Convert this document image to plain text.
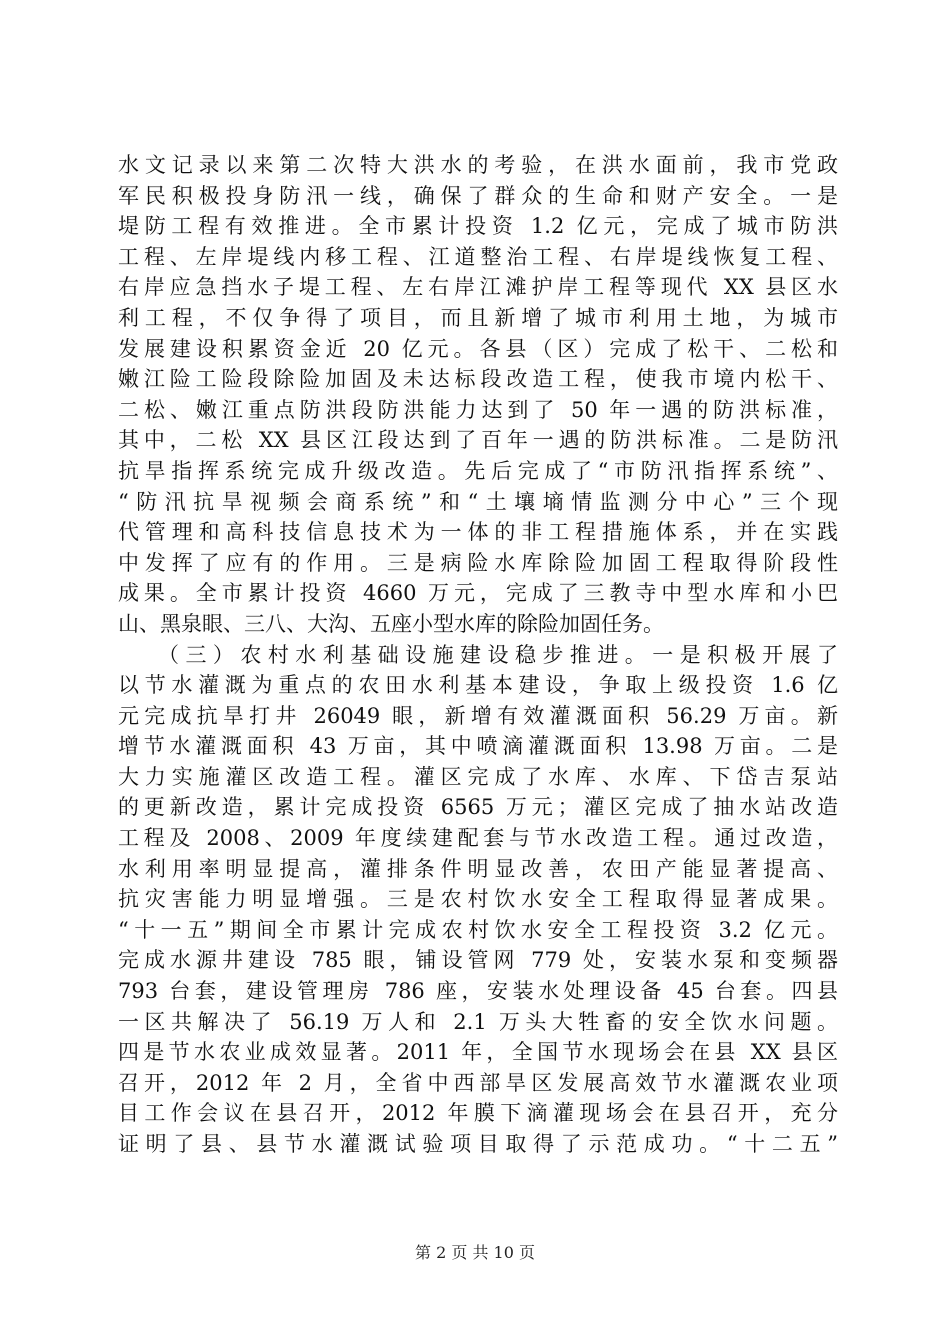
水文记录以来第二次特大洪水的考验，在洪水面前，我市党政
军民积极投身防汛一线，确保了群众的生命和财产安全。一是
堤防工程有效推进。全市累计投资 1.2 亿元，完成了城市防洪
工程、左岸堤线内移工程、江道整治工程、右岸堤线恢复工程、
右岸应急挡水子堤工程、左右岸江滩护岸工程等现代 XX 县区水
利工程，不仅争得了项目，而且新增了城市利用土地，为城市
发展建设积累资金近 20 亿元。各县（区）完成了松干、二松和
嫩江险工险段除险加固及未达标段改造工程，使我市境内松干、
二松、嫩江重点防洪段防洪能力达到了 50 年一遇的防洪标准，
其中，二松 XX 县区江段达到了百年一遇的防洪标准。二是防汛
抗旱指挥系统完成升级改造。先后完成了“市防汛指挥系统”、
“防汛抗旱视频会商系统”和“土壤墒情监测分中心”三个现
代管理和高科技信息技术为一体的非工程措施体系，并在实践
中发挥了应有的作用。三是病险水库除险加固工程取得阶段性
成果。全市累计投资 4660 万元，完成了三教寺中型水库和小巴
山、黑泉眼、三八、大沟、五座小型水库的除险加固任务。
（三）农村水利基础设施建设稳步推进。一是积极开展了
以节水灌溉为重点的农田水利基本建设，争取上级投资 1.6 亿
元完成抗旱打井 26049 眼，新增有效灌溉面积 56.29 万亩。新
增节水灌溉面积 43 万亩，其中喷滴灌溉面积 13.98 万亩。二是
大力实施灌区改造工程。灌区完成了水库、水库、下岱吉泵站
的更新改造，累计完成投资 6565 万元；灌区完成了抽水站改造
工程及 2008、2009 年度续建配套与节水改造工程。通过改造，
水利用率明显提高，灌排条件明显改善，农田产能显著提高、
抗灾害能力明显增强。三是农村饮水安全工程取得显著成果。
“十一五”期间全市累计完成农村饮水安全工程投资 3.2 亿元。
完成水源井建设 785 眼，铺设管网 779 处，安装水泵和变频器
793 台套，建设管理房 786 座，安装水处理设备 45 台套。四县
一区共解决了 56.19 万人和 2.1 万头大牲畜的安全饮水问题。
四是节水农业成效显著。2011 年，全国节水现场会在县 XX 县区
召开，2012 年 2 月，全省中西部旱区发展高效节水灌溉农业项
目工作会议在县召开，2012 年膜下滴灌现场会在县召开，充分
证明了县、县节水灌溉试验项目取得了示范成功。“十二五”
第 2 页 共 10 页
